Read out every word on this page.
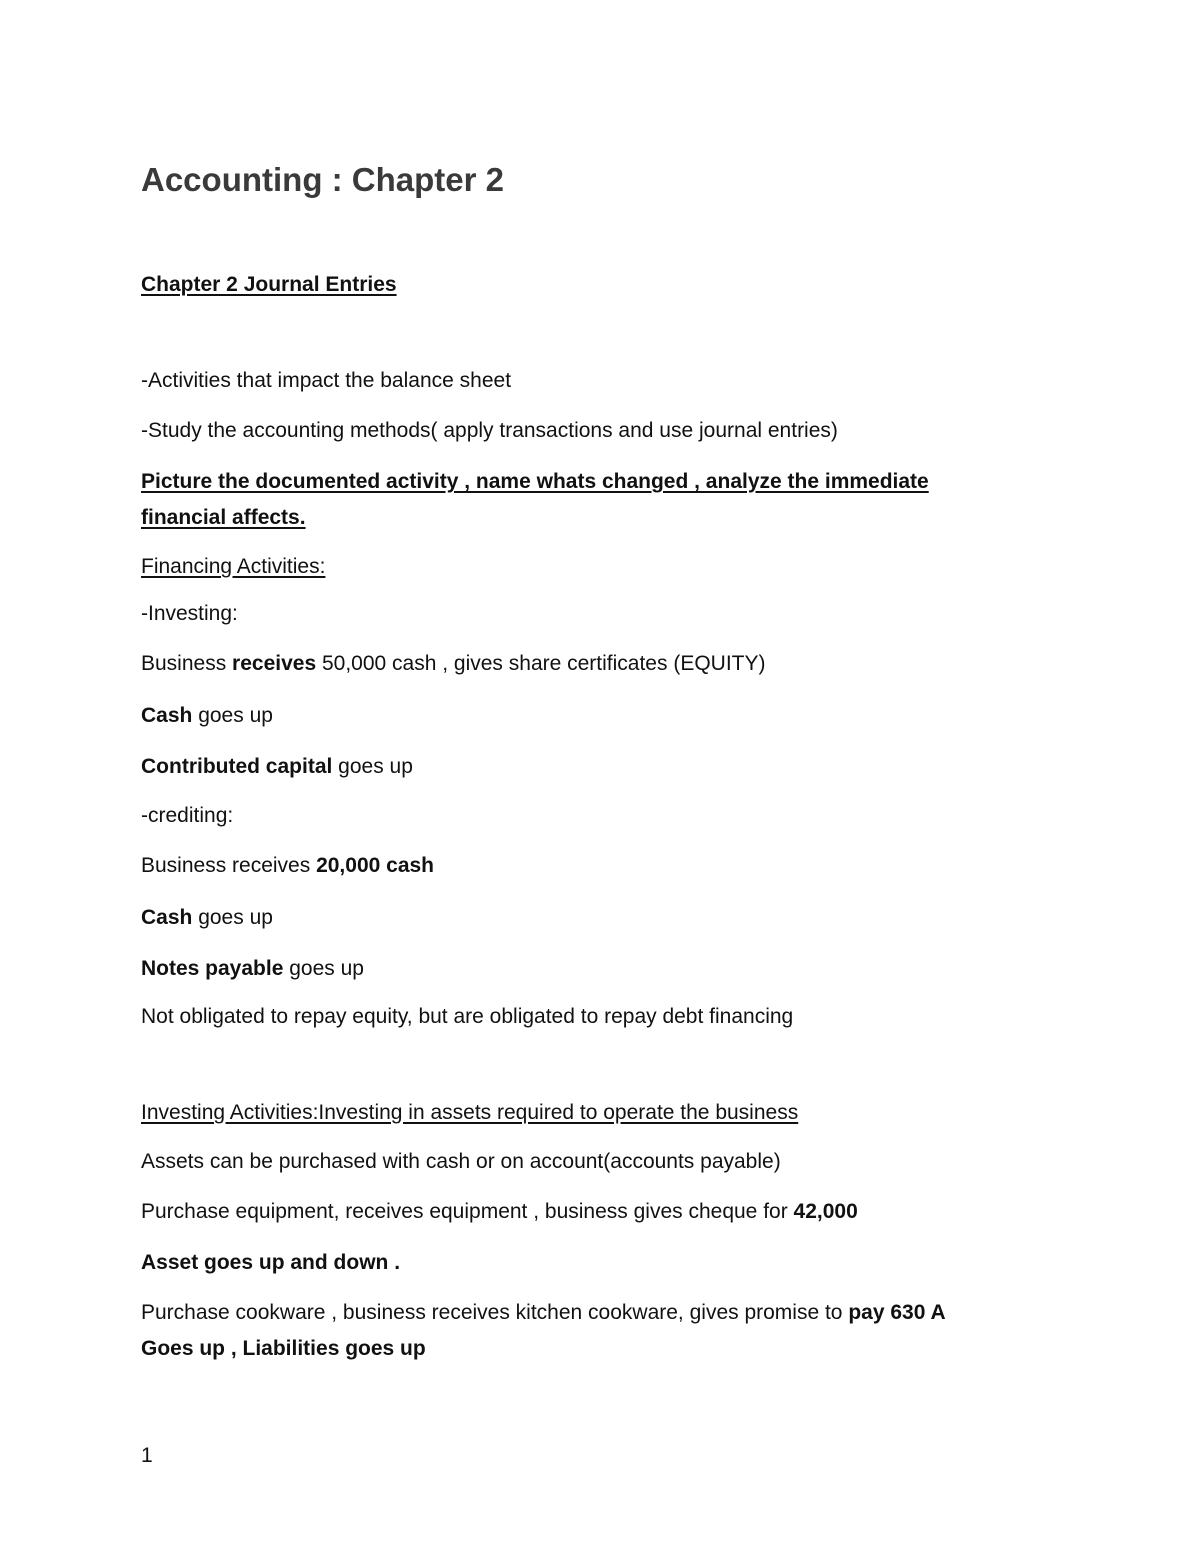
Accounting : Chapter 2

Chapter 2 Journal Entries

-Activities that impact the balance sheet

-Study the accounting methods( apply transactions and use journal entries)

Picture the documented activity , name whats changed , analyze the immediate

financial affects.

Financing Activities:

-Investing:

Business receives 50,000 cash , gives share certificates (EQUITY)

Cash goes up

Contributed capital goes up

-crediting:

Business receives 20,000 cash

Cash goes up

Notes payable goes up

Not obligated to repay equity, but are obligated to repay debt financing

Investing Activities:Investing in assets required to operate the business

Assets can be purchased with cash or on account(accounts payable)

Purchase equipment, receives equipment , business gives cheque for 42,000

Asset goes up and down .

Purchase cookware , business receives kitchen cookware, gives promise to pay 630 A

Goes up , Liabilities goes up

1
